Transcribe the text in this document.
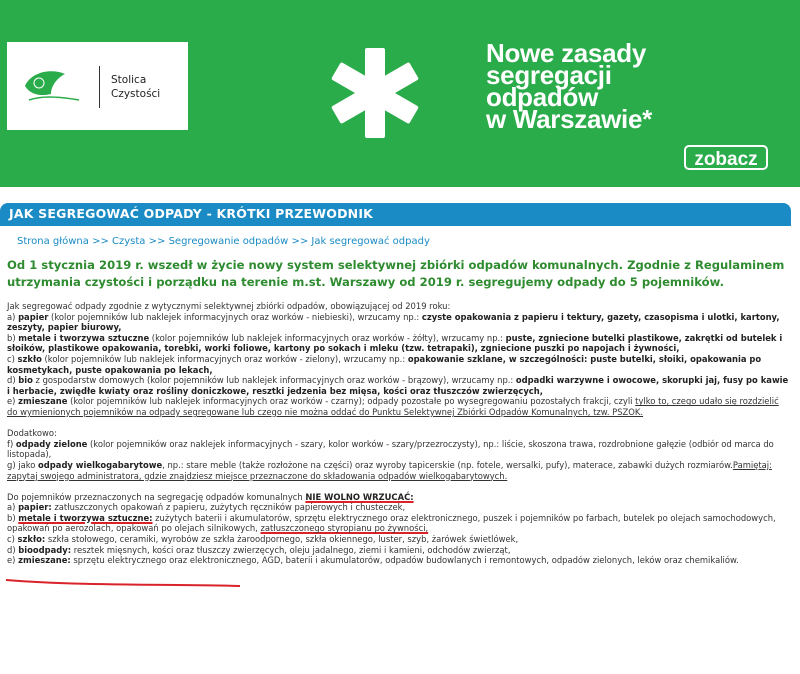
Stolica
Czystości
Nowe zasady
segregacji
odpadów
w Warszawie*
zobacz
JAK SEGREGOWAĆ ODPADY - KRÓTKI PRZEWODNIK
Strona główna >> Czysta >> Segregowanie odpadów >> Jak segregować odpady
Od 1 stycznia 2019 r. wszedł w życie nowy system selektywnej zbiórki odpadów komunalnych. Zgodnie z Regulaminem utrzymania czystości i porządku na terenie m.st. Warszawy od 2019 r. segregujemy odpady do 5 pojemników.

Jak segregować odpady zgodnie z wytycznymi selektywnej zbiórki odpadów, obowiązującej od 2019 roku:

a) papier (kolor pojemników lub naklejek informacyjnych oraz worków - niebieski), wrzucamy np.: czyste opakowania z papieru i tektury, gazety, czasopisma i ulotki, kartony, zeszyty, papier biurowy,

b) metale i tworzywa sztuczne (kolor pojemników lub naklejek informacyjnych oraz worków - żółty), wrzucamy np.: puste, zgniecione butelki plastikowe, zakrętki od butelek i słoików, plastikowe opakowania, torebki, worki foliowe, kartony po sokach i mleku (tzw. tetrapaki), zgniecione puszki po napojach i żywności,

c) szkło (kolor pojemników lub naklejek informacyjnych oraz worków - zielony), wrzucamy np.: opakowanie szklane, w szczególności: puste butelki, słoiki, opakowania po kosmetykach, puste opakowania po lekach,

d) bio z gospodarstw domowych (kolor pojemników lub naklejek informacyjnych oraz worków - brązowy), wrzucamy np.: odpadki warzywne i owocowe, skorupki jaj, fusy po kawie i herbacie, zwiędłe kwiaty oraz rośliny doniczkowe, resztki jedzenia bez mięsa, kości oraz tłuszczów zwierzęcych,

e) zmieszane (kolor pojemników lub naklejek informacyjnych oraz worków - czarny); odpady pozostałe po wysegregowaniu pozostałych frakcji, czyli tylko to, czego udało się rozdzielić do wymienionych pojemników na odpady segregowane lub czego nie można oddać do Punktu Selektywnej Zbiórki Odpadów Komunalnych, tzw. PSZOK.

Dodatkowo:

f) odpady zielone (kolor pojemników oraz naklejek informacyjnych - szary, kolor worków - szary/przezroczysty), np.: liście, skoszona trawa, rozdrobnione gałęzie (odbiór od marca do listopada),

g) jako odpady wielkogabarytowe, np.: stare meble (także rozłożone na części) oraz wyroby tapicerskie (np. fotele, wersalki, pufy), materace, zabawki dużych rozmiarów.Pamiętaj: zapytaj swojego administratora, gdzie znajdziesz miejsce przeznaczone do składowania odpadów wielkogabarytowych.

Do pojemników przeznaczonych na segregację odpadów komunalnych NIE WOLNO WRZUCAĆ:

a) papier: zatłuszczonych opakowań z papieru, zużytych ręczników papierowych i chusteczek,

b) metale i tworzywa sztuczne: zużytych baterii i akumulatorów, sprzętu elektrycznego oraz elektronicznego, puszek i pojemników po farbach, butelek po olejach samochodowych, opakowań po aerozolach, opakowań po olejach silnikowych, zatłuszczonego styropianu po żywności,

c) szkło: szkła stołowego, ceramiki, wyrobów ze szkła żaroodpornego, szkła okiennego, luster, szyb, żarówek świetlówek,

d) bioodpady: resztek mięsnych, kości oraz tłuszczy zwierzęcych, oleju jadalnego, ziemi i kamieni, odchodów zwierząt,

e) zmieszane: sprzętu elektrycznego oraz elektronicznego, AGD, baterii i akumulatorów, odpadów budowlanych i remontowych, odpadów zielonych, leków oraz chemikaliów.
